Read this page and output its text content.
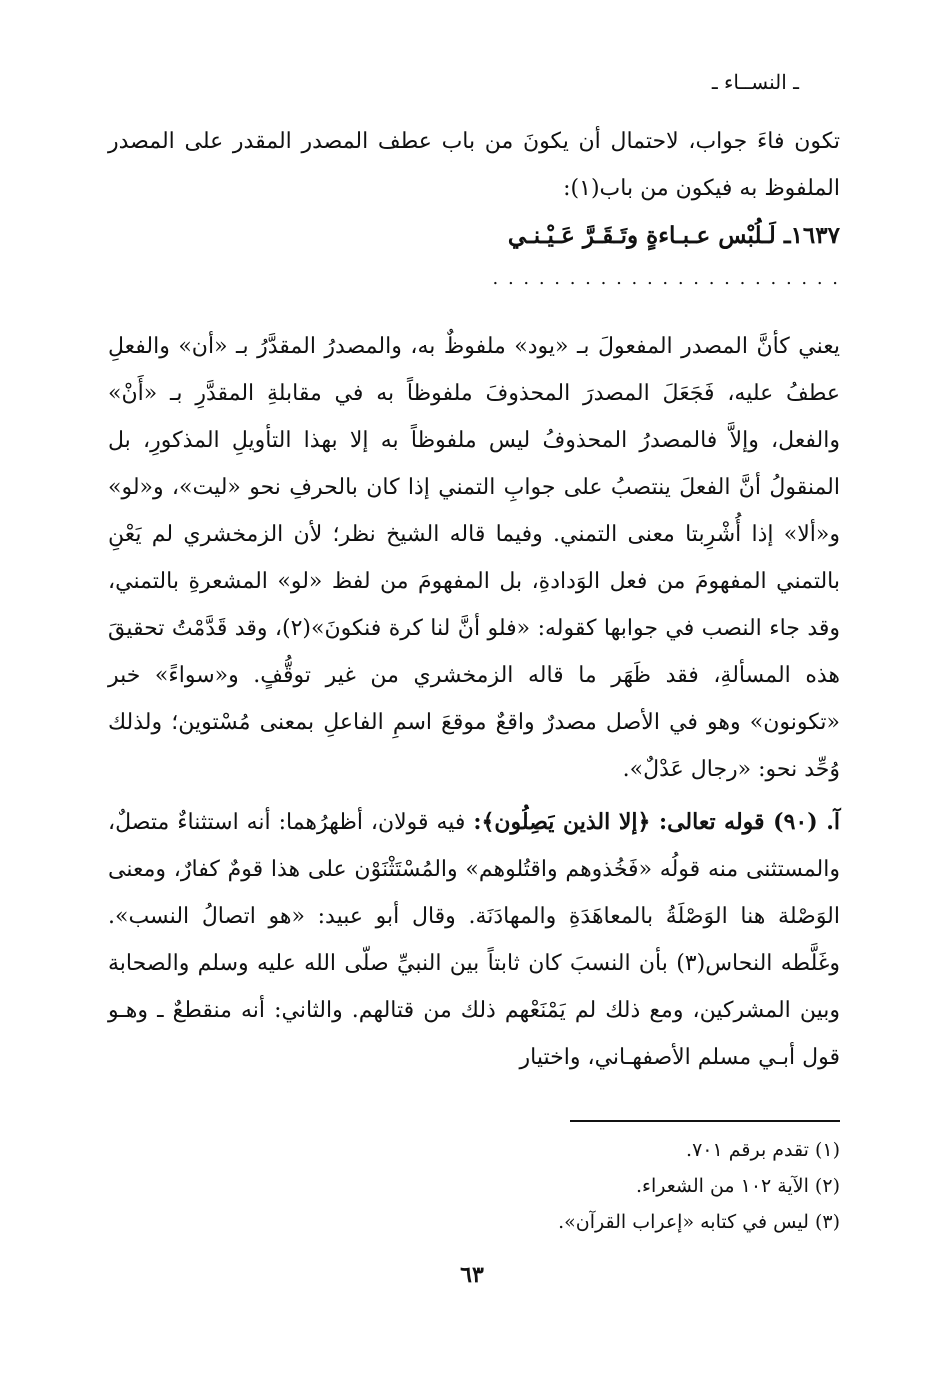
ـ النســاء ـ

تكون فاءَ جواب، لاحتمال أن يكونَ من باب عطف المصدر المقدر على المصدر الملفوظ به فيكون من باب(١):

١٦٣٧ـ لَـلُبْس عـبـاءةٍ وتَـقَـرَّ عَـيْـنـي

. . . . . . . . . . . . . . . . . . . . . . .

يعني كأنَّ المصدر المفعولَ بـ «يود» ملفوظٌ به، والمصدرُ المقدَّرُ بـ «أن» والفعلِ عطفُ عليه، فَجَعَلَ المصدرَ المحذوفَ ملفوظاً به في مقابلةِ المقدَّرِ بـ «أَنْ» والفعل، وإلاَّ فالمصدرُ المحذوفُ ليس ملفوظاً به إلا بهذا التأويلِ المذكورِ، بل المنقولُ أنَّ الفعلَ ينتصبُ على جوابِ التمني إذا كان بالحرفِ نحو «ليت»، و«لو» و«ألا» إذا أُشْرِبتا معنى التمني. وفيما قاله الشيخ نظر؛ لأن الزمخشري لم يَعْنِ بالتمني المفهومَ من فعل الوَدادةِ، بل المفهومَ من لفظ «لو» المشعرةِ بالتمني، وقد جاء النصب في جوابها كقوله: «فلو أنَّ لنا كرة فنكونَ»(٢)، وقد قَدَّمْتُ تحقيقَ هذه المسألةِ، فقد ظَهَر ما قاله الزمخشري من غير توقُّفٍ. و«سواءً» خبر «تكونون» وهو في الأصل مصدرٌ واقعٌ موقعَ اسمِ الفاعلِ بمعنى مُسْتوين؛ ولذلك وُحِّد نحو: «رجال عَدْلٌ».

آ. (٩٠) قوله تعالى: ﴿إلا الذين يَصِلُون﴾: فيه قولان، أظهرُهما: أنه استثناءٌ متصلٌ، والمستثنى منه قولُه «فَخُذوهم واقتُلوهم» والمُسْتَثْنَوْن على هذا قومٌ كفارٌ، ومعنى الوَصْلة هنا الوَصْلَةُ بالمعاهَدَةِ والمهادَنَة. وقال أبو عبيد: «هو اتصالُ النسب». وغَلَّطه النحاس(٣) بأن النسبَ كان ثابتاً بين النبيِّ صلّى الله عليه وسلم والصحابة وبين المشركين، ومع ذلك لم يَمْنَعْهم ذلك من قتالهم. والثاني: أنه منقطعٌ ـ وهـو قول أبـي مسلم الأصفهـاني، واختيار

(١) تقدم برقم ٧٠١.
(٢) الآية ١٠٢ من الشعراء.
(٣) ليس في كتابه «إعراب القرآن».
٦٣
